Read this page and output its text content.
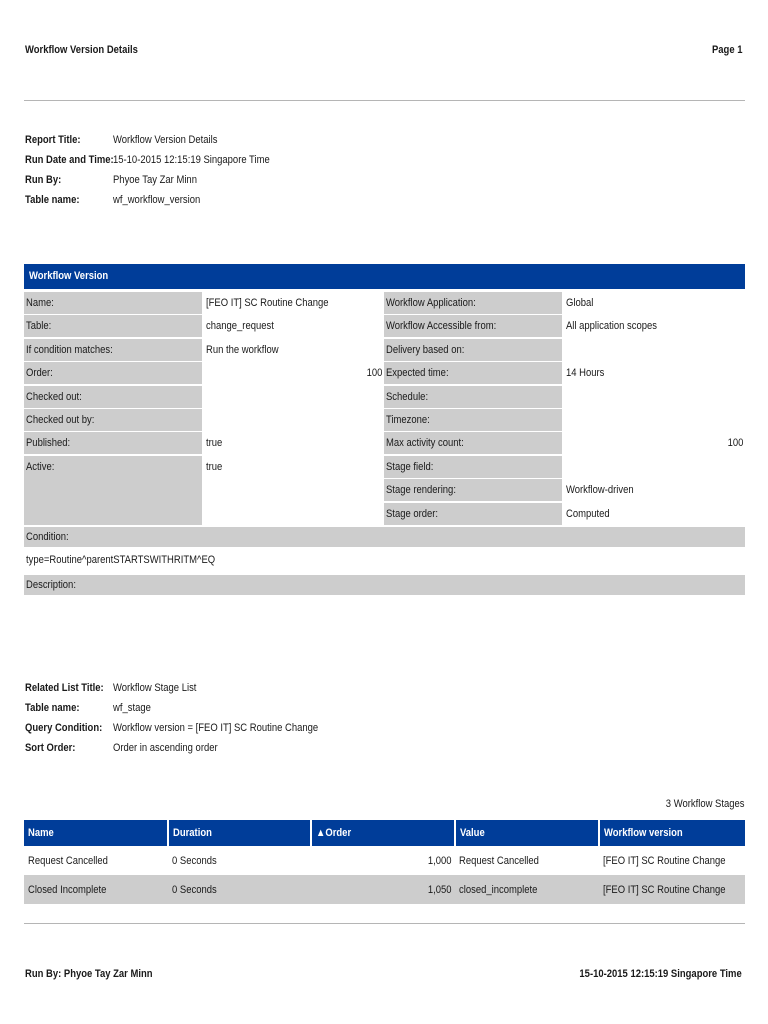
Workflow Version Details	Page 1
Report Title:	Workflow Version Details
Run Date and Time: 15-10-2015 12:15:19 Singapore Time
Run By:	Phyoe Tay Zar Minn
Table name:	wf_workflow_version
Workflow Version
Name:	[FEO IT] SC Routine Change	Workflow Application:	Global
Table:	change_request	Workflow Accessible from:	All application scopes
If condition matches:	Run the workflow	Delivery based on:
Order:	100 Expected time:	14 Hours
Checked out:	Schedule:
Checked out by:	Timezone:
Published:	true	Max activity count:	100
Active:	true	Stage field:
Stage rendering:	Workflow-driven
Stage order:	Computed
Condition:
type=Routine^parentSTARTSWITHRITM^EQ
Description:
Related List Title: Workflow Stage List
Table name:	wf_stage
Query Condition: Workflow version = [FEO IT] SC Routine Change
Sort Order:	Order in ascending order
3 Workflow Stages
Name	Duration	▲Order	Value	Workflow version
Request Cancelled	0 Seconds	1,000	Request Cancelled	[FEO IT] SC Routine Change
Closed Incomplete	0 Seconds	1,050	closed_incomplete	[FEO IT] SC Routine Change
Run By: Phyoe Tay Zar Minn	15-10-2015 12:15:19 Singapore Time
